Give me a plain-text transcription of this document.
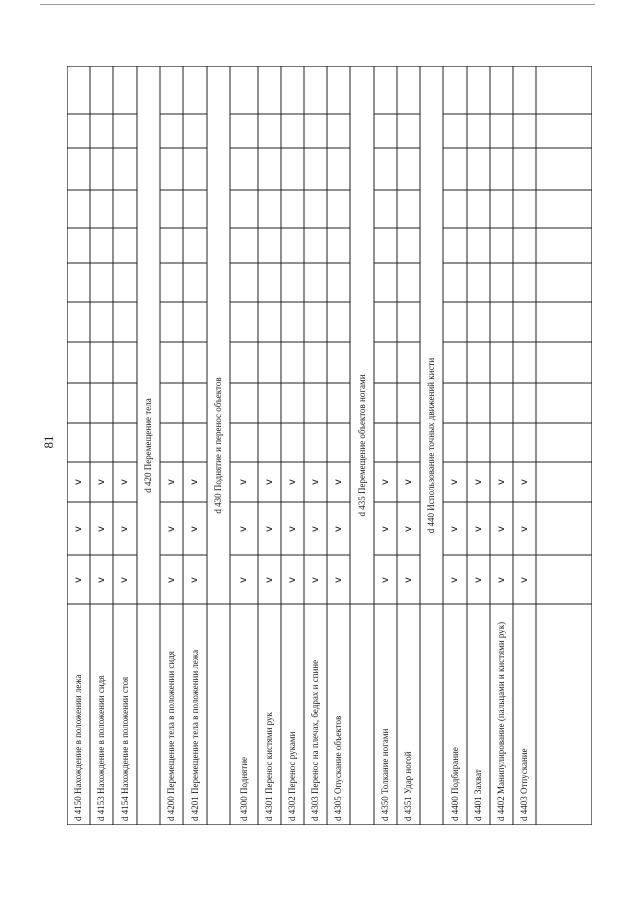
81
d 4150 Нахождение в положении лежа
v
v
v
d 4153 Нахождение в положении сидя
v
v
v
d 4154 Нахождение в положении стоя
v
v
v d 420 Перемещение тела
d 4200 Перемещение тела в положении сидя
v
v
v
d 4201 Перемещение тела в положении лежа
v
v
v d 430 Поднятие и перенос объектов
d 4300 Поднятие
v
v
v
d 4301 Перенос кистями рук
v
v
v
d 4302 Перенос руками
v
v
v
d 4303 Перенос на плечах, бедрах и спине
v
v
v
d 4305 Опускание объектов
v
v
v d 435 Перемещение объектов ногами
d 4350 Толкание ногами
v
v
v
d 4351 Удар ногой
v
v
v d 440 Использование точных движений кисти
d 4400 Подбирание
v
v
v
d 4401 Захват
v
v
v
d 4402 Манипулирование (пальцами и кистями рук)
v
v
v
d 4403 Отпускание
v
v
v
